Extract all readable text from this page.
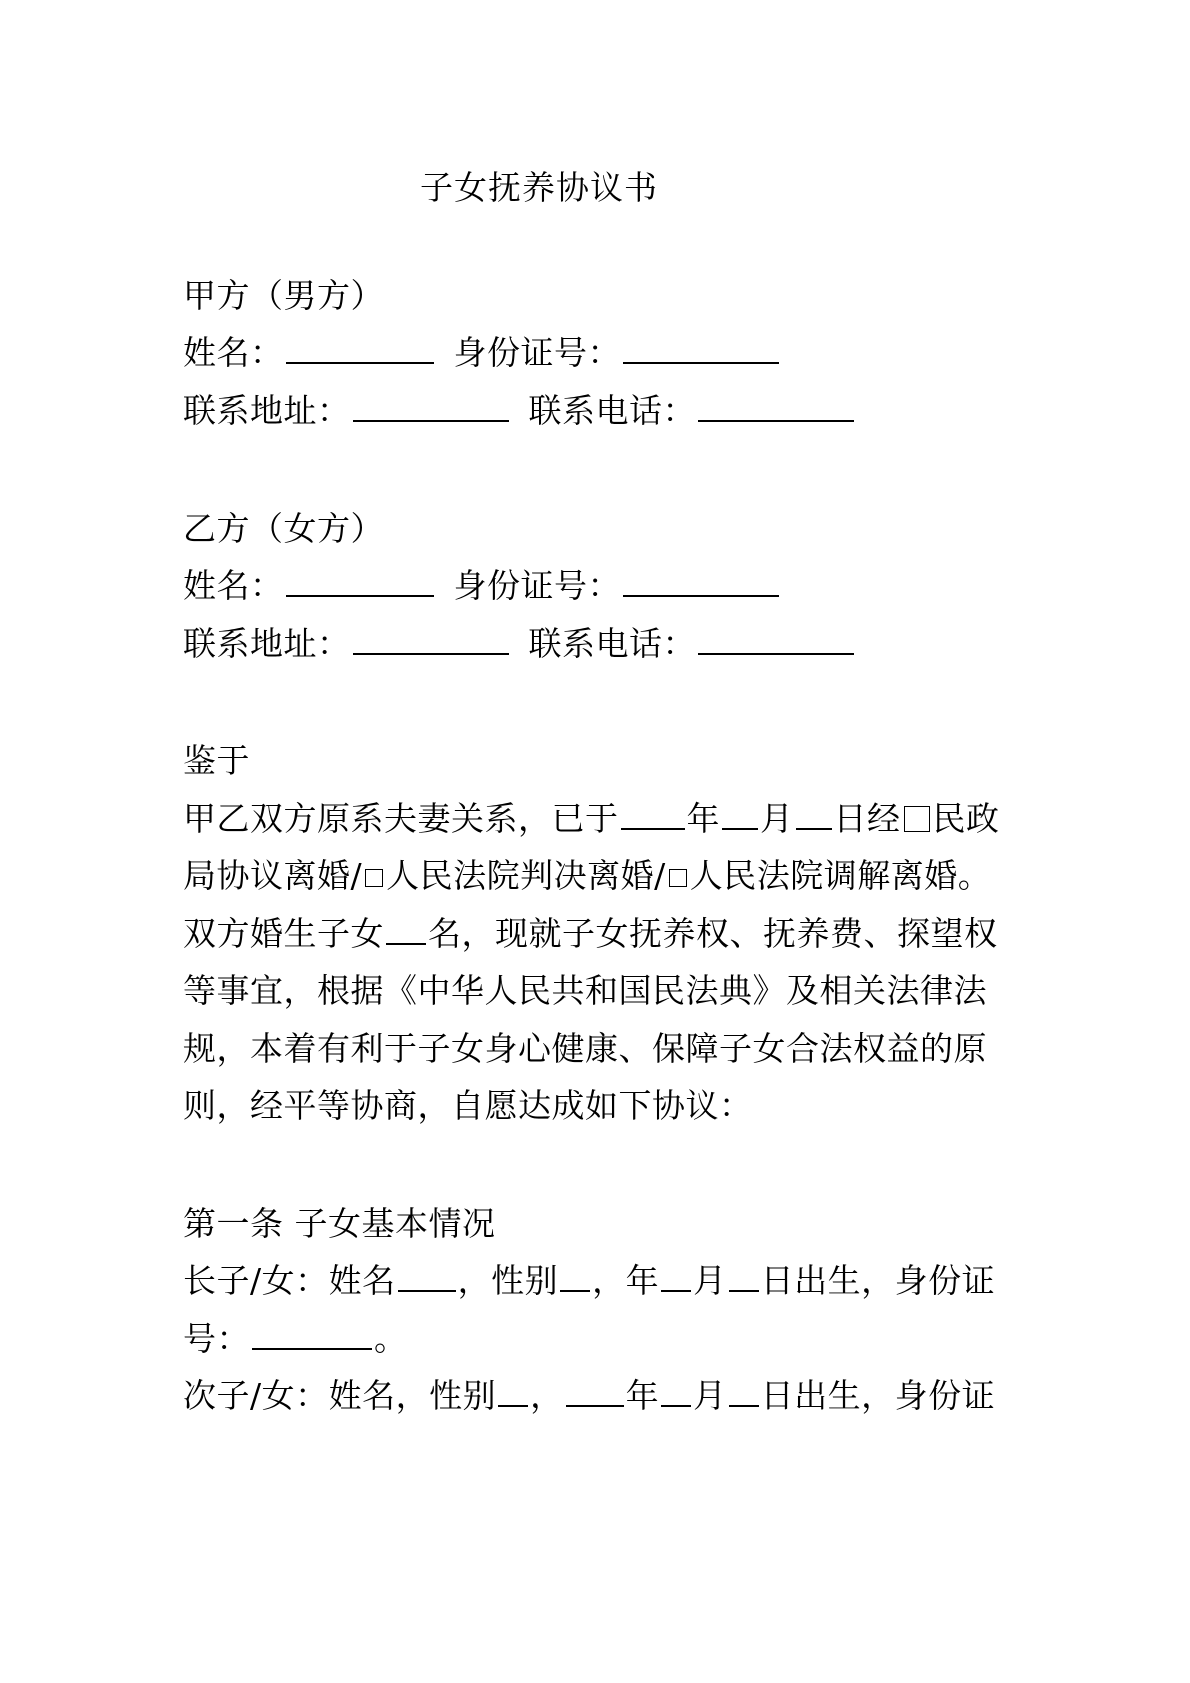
子女抚养协议书
甲方（男方）
姓名：	身份证号：
联系地址：	联系电话：
乙方（女方）
姓名：	身份证号：
联系地址：	联系电话：
鉴于
甲乙双方原系夫妻关系，已于 年 月 日经 民政
局协议离婚/ 人民法院判决离婚/ 人民法院调解离婚。
双方婚生子女 名，现就子女抚养权、抚养费、探望权
等事宜，根据《中华人民共和国民法典》及相关法律法
规，本着有利于子女身心健康、保障子女合法权益的原
则，经平等协商，自愿达成如下协议：
第一条 子女基本情况
长子/女：姓名 ，性别 ，年 月 日出生，身份证
号：	。
次子/女：姓名，性别 ， 年 月 日出生，身份证
